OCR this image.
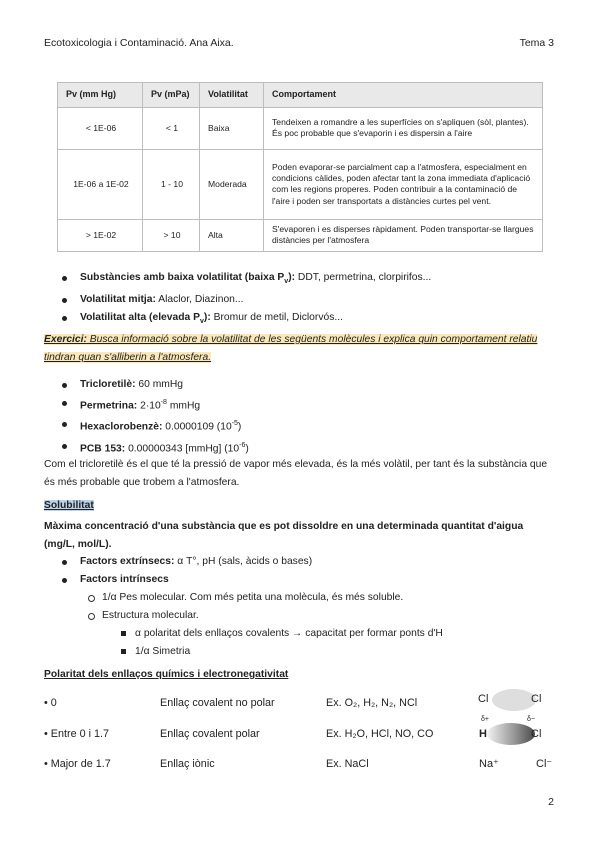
Ecotoxicologia i Contaminació. Ana Aixa.	Tema 3
Pv (mm Hg)	Pv (mPa)	Volatilitat	Comportament
< 1E-06	< 1	Baixa	Tendeixen a romandre a les superfícies on s'apliquen (sòl, plantes). És poc probable que s'evaporin i es dispersin a l'aire
1E-06 a 1E-02	1 - 10	Moderada	Poden evaporar-se parcialment cap a l'atmosfera, especialment en condicions càlides, poden afectar tant la zona immediata d'aplicació com les regions properes. Poden contribuir a la contaminació de l'aire i poden ser transportats a distàncies curtes pel vent.
> 1E-02	> 10	Alta	S'evaporen i es disperses ràpidament. Poden transportar-se llargues distàncies per l'atmosfera
Substàncies amb baixa volatilitat (baixa $P_v$): DDT, permetrina, clorpirifos...
Volatilitat mitja: Alaclor, Diazinon...
Volatilitat alta (elevada $P_v$): Bromur de metil, Diclorvós...
Exercici: Busca informació sobre la volatilitat de les següents molècules i explica quin comportament relatiu tindran quan s'alliberin a l'atmosfera.
Tricloretilè: 60 mmHg
Permetrina: $2\cdot 10^{-8}$ mmHg
Hexaclorobenzè: 0.0000109 $(10^{-5})$
PCB 153: 0.00000343 [mmHg] $(10^{-6})$
Com el tricloretilè és el que té la pressió de vapor més elevada, és la més volàtil, per tant és la substància que és més probable que trobem a l'atmosfera.
Solubilitat
Màxima concentració d'una substància que es pot dissoldre en una determinada quantitat d'aigua (mg/L, mol/L).
Factors extrínsecs: α T°, pH (sals, àcids o bases)
Factors intrínsecs
1/α Pes molecular. Com més petita una molècula, és més soluble.
Estructura molecular.
α polaritat dels enllaços covalents → capacitat per formar ponts d'H
1/α Simetria
Polaritat dels enllaços químics i electronegativitat
• 0	Enllaç covalent no polar	Ex. O₂, H₂, N₂, NCl
• Entre 0 i 1.7	Enllaç covalent polar	Ex. H₂O, HCl, NO, CO
• Major de 1.7	Enllaç iònic	Ex. NaCl
Cl	Cl
δ+	δ−
H	Cl
Na⁺	Cl⁻
2
